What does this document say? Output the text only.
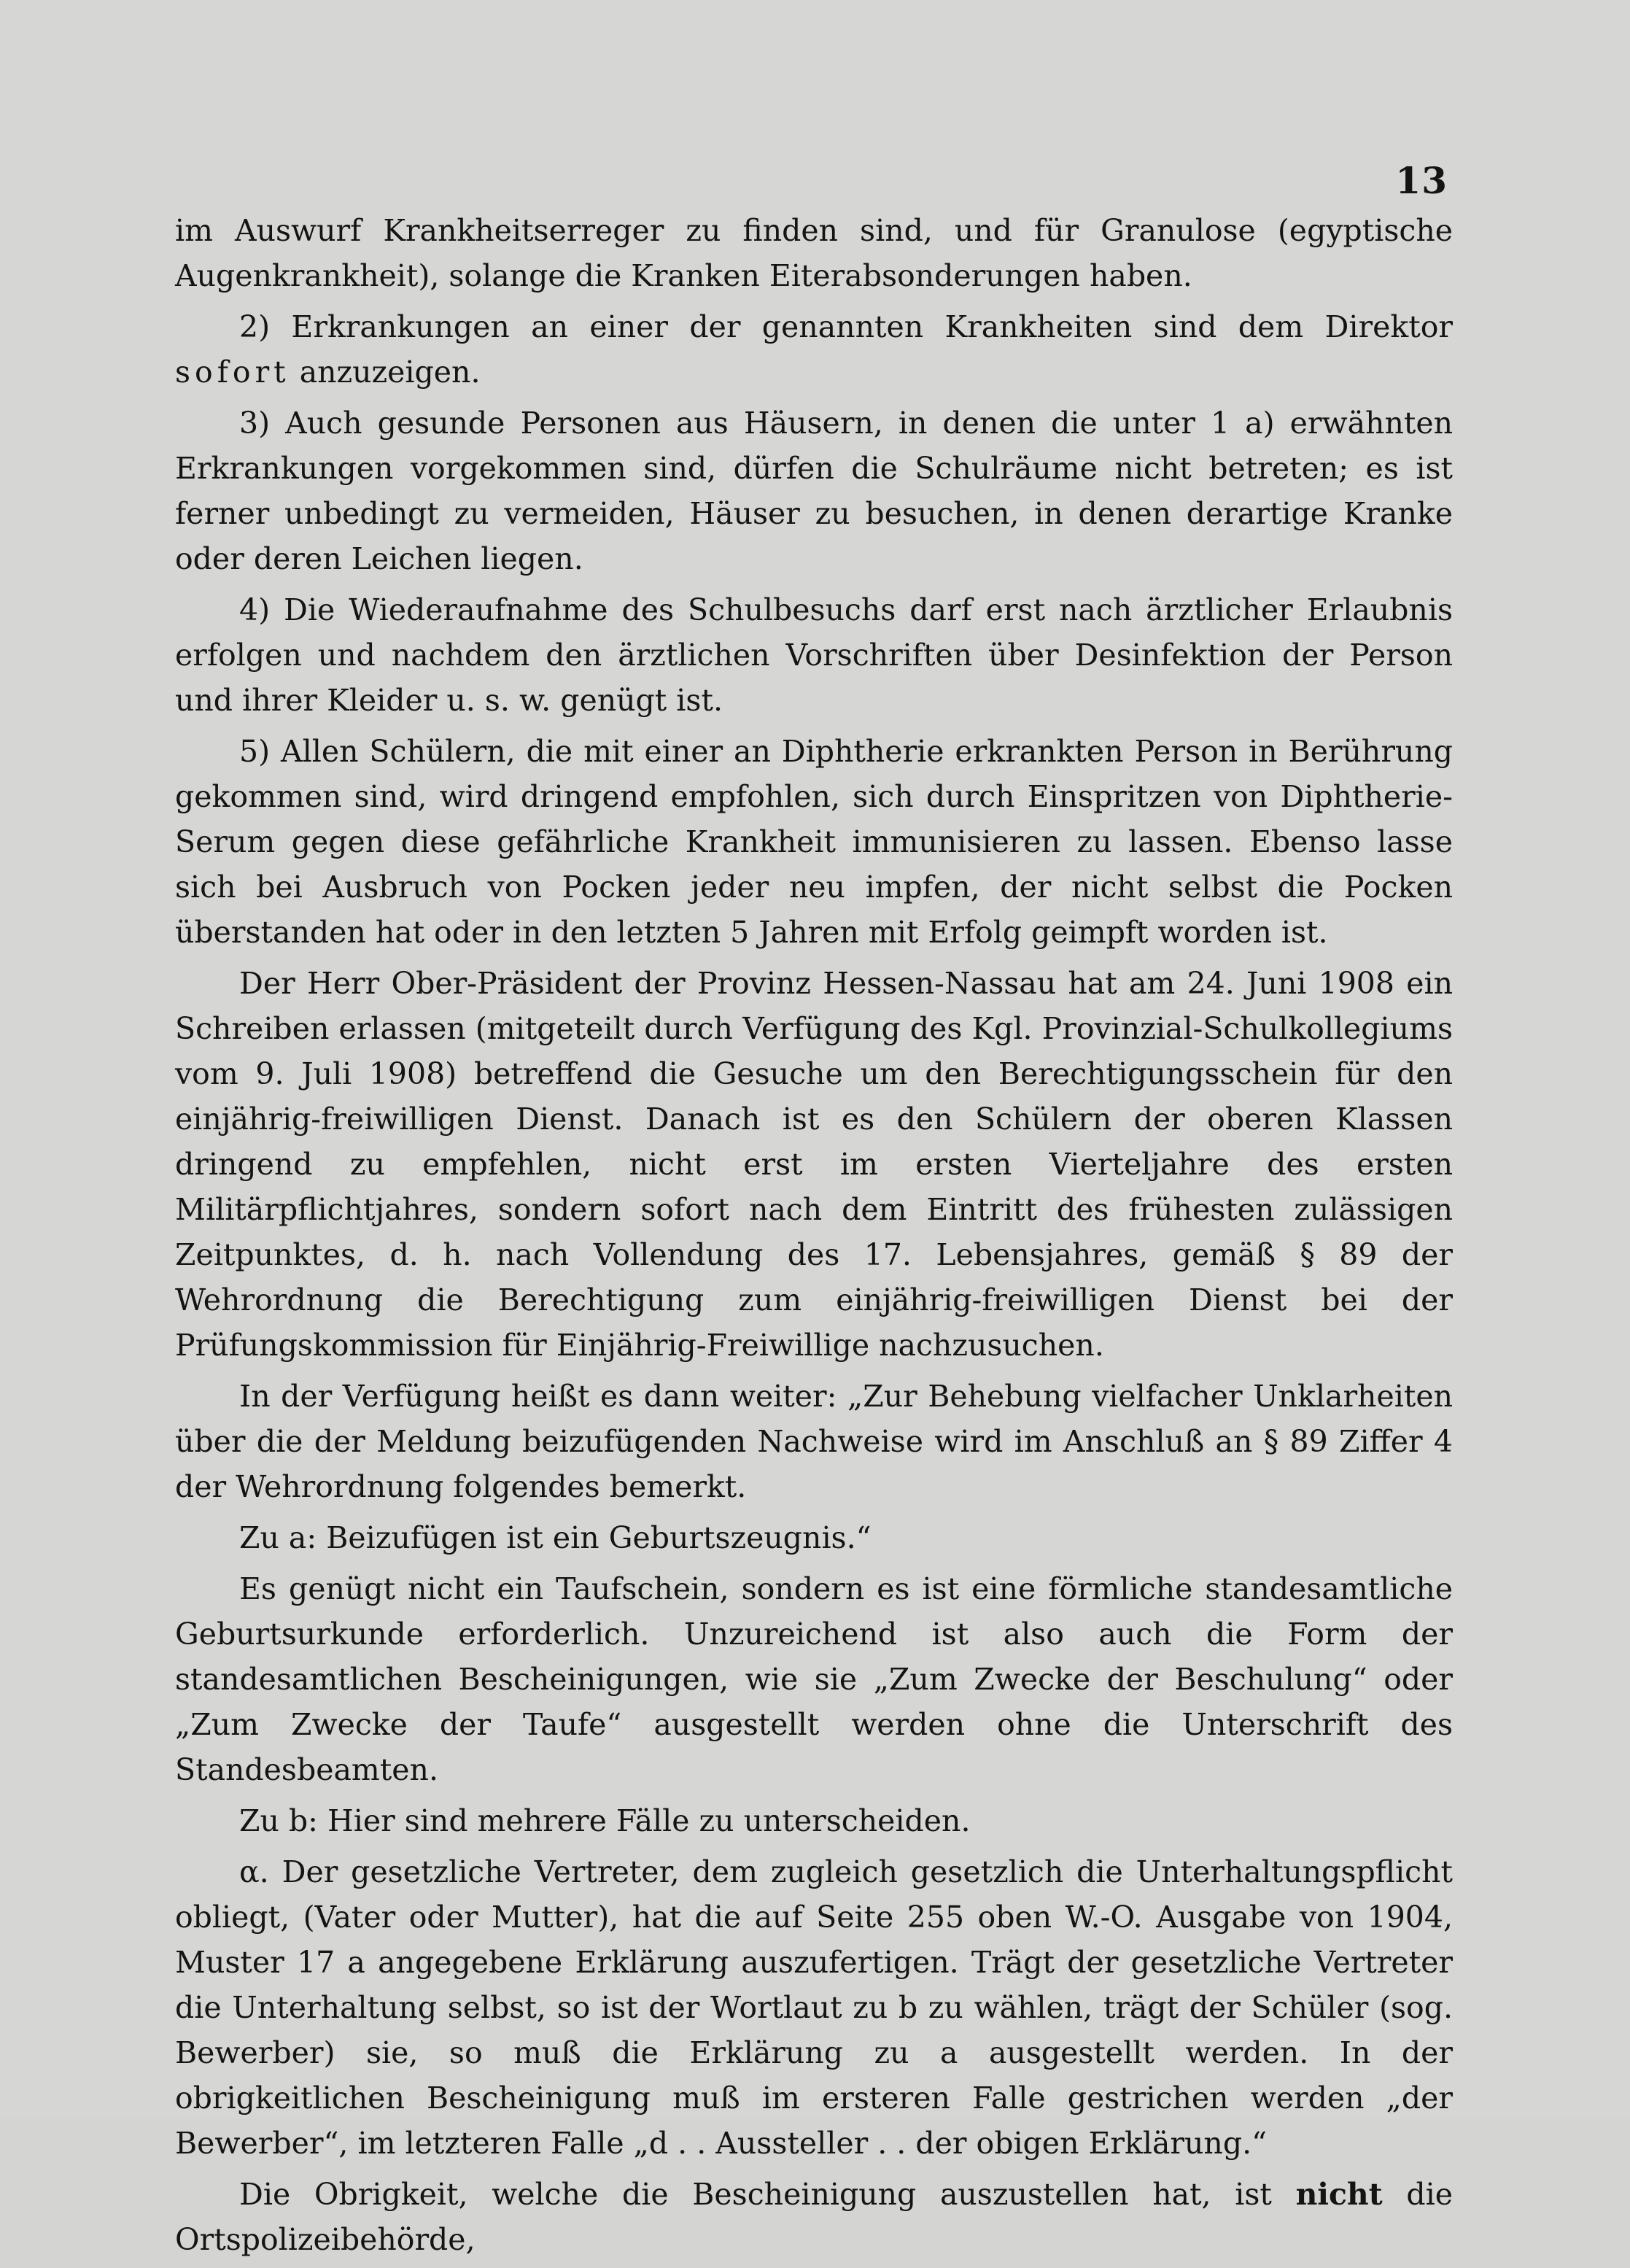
13

im Auswurf Krankheitserreger zu finden sind, und für Granulose (egyptische Augenkrankheit), solange die Kranken Eiterabsonderungen haben.

2) Erkrankungen an einer der genannten Krankheiten sind dem Direktor sofort anzuzeigen.

3) Auch gesunde Personen aus Häusern, in denen die unter 1 a) erwähnten Erkrankungen vorgekommen sind, dürfen die Schulräume nicht betreten; es ist ferner unbedingt zu vermeiden, Häuser zu besuchen, in denen derartige Kranke oder deren Leichen liegen.

4) Die Wiederaufnahme des Schulbesuchs darf erst nach ärztlicher Erlaubnis erfolgen und nachdem den ärztlichen Vorschriften über Desinfektion der Person und ihrer Kleider u. s. w. genügt ist.

5) Allen Schülern, die mit einer an Diphtherie erkrankten Person in Berührung gekommen sind, wird dringend empfohlen, sich durch Einspritzen von Diphtherie-Serum gegen diese gefährliche Krankheit immunisieren zu lassen. Ebenso lasse sich bei Ausbruch von Pocken jeder neu impfen, der nicht selbst die Pocken überstanden hat oder in den letzten 5 Jahren mit Erfolg geimpft worden ist.

Der Herr Ober-Präsident der Provinz Hessen-Nassau hat am 24. Juni 1908 ein Schreiben erlassen (mitgeteilt durch Verfügung des Kgl. Provinzial-Schulkollegiums vom 9. Juli 1908) betreffend die Gesuche um den Berechtigungsschein für den einjährig-freiwilligen Dienst. Danach ist es den Schülern der oberen Klassen dringend zu empfehlen, nicht erst im ersten Vierteljahre des ersten Militärpflichtjahres, sondern sofort nach dem Eintritt des frühesten zulässigen Zeitpunktes, d. h. nach Vollendung des 17. Lebensjahres, gemäß § 89 der Wehrordnung die Berechtigung zum einjährig-freiwilligen Dienst bei der Prüfungskommission für Einjährig-Freiwillige nachzusuchen.

In der Verfügung heißt es dann weiter: „Zur Behebung vielfacher Unklarheiten über die der Meldung beizufügenden Nachweise wird im Anschluß an § 89 Ziffer 4 der Wehrordnung folgendes bemerkt.

Zu a: Beizufügen ist ein Geburtszeugnis.“

Es genügt nicht ein Taufschein, sondern es ist eine förmliche standesamtliche Geburtsurkunde erforderlich. Unzureichend ist also auch die Form der standesamtlichen Bescheinigungen, wie sie „Zum Zwecke der Beschulung“ oder „Zum Zwecke der Taufe“ ausgestellt werden ohne die Unterschrift des Standesbeamten.

Zu b: Hier sind mehrere Fälle zu unterscheiden.

α. Der gesetzliche Vertreter, dem zugleich gesetzlich die Unterhaltungspflicht obliegt, (Vater oder Mutter), hat die auf Seite 255 oben W.-O. Ausgabe von 1904, Muster 17 a angegebene Erklärung auszufertigen. Trägt der gesetzliche Vertreter die Unterhaltung selbst, so ist der Wortlaut zu b zu wählen, trägt der Schüler (sog. Bewerber) sie, so muß die Erklärung zu a ausgestellt werden. In der obrigkeitlichen Bescheinigung muß im ersteren Falle gestrichen werden „der Bewerber“, im letzteren Falle „d . . Aussteller . . der obigen Erklärung.“

Die Obrigkeit, welche die Bescheinigung auszustellen hat, ist nicht die Ortspolizeibehörde,
